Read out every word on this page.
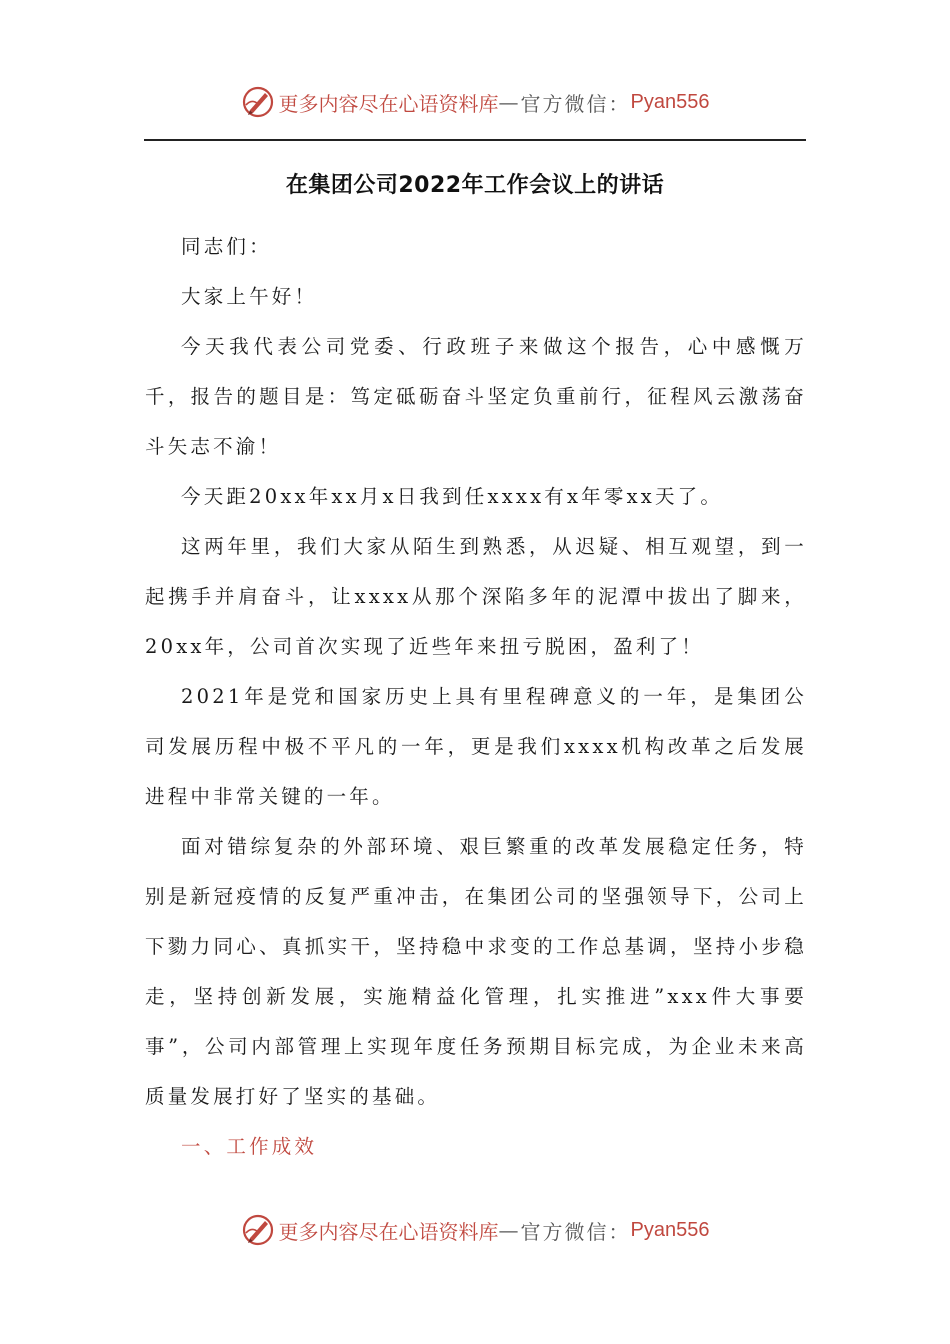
更多内容尽在心语资料库 — 官方微信： Pyan556
在集团公司2022年工作会议上的讲话

同志们：

大家上午好！

今天我代表公司党委、行政班子来做这个报告，心中感慨万千，报告的题目是：笃定砥砺奋斗坚定负重前行，征程风云激荡奋斗矢志不渝！

今天距20xx年xx月x日我到任xxxx有x年零xx天了。

这两年里，我们大家从陌生到熟悉，从迟疑、相互观望，到一起携手并肩奋斗，让xxxx从那个深陷多年的泥潭中拔出了脚来，20xx年，公司首次实现了近些年来扭亏脱困，盈利了！

2021年是党和国家历史上具有里程碑意义的一年，是集团公司发展历程中极不平凡的一年，更是我们xxxx机构改革之后发展进程中非常关键的一年。

面对错综复杂的外部环境、艰巨繁重的改革发展稳定任务，特别是新冠疫情的反复严重冲击，在集团公司的坚强领导下，公司上下勠力同心、真抓实干，坚持稳中求变的工作总基调，坚持小步稳走，坚持创新发展，实施精益化管理，扎实推进”xxx件大事要事”，公司内部管理上实现年度任务预期目标完成，为企业未来高质量发展打好了坚实的基础。

一、工作成效

更多内容尽在心语资料库 — 官方微信： Pyan556
